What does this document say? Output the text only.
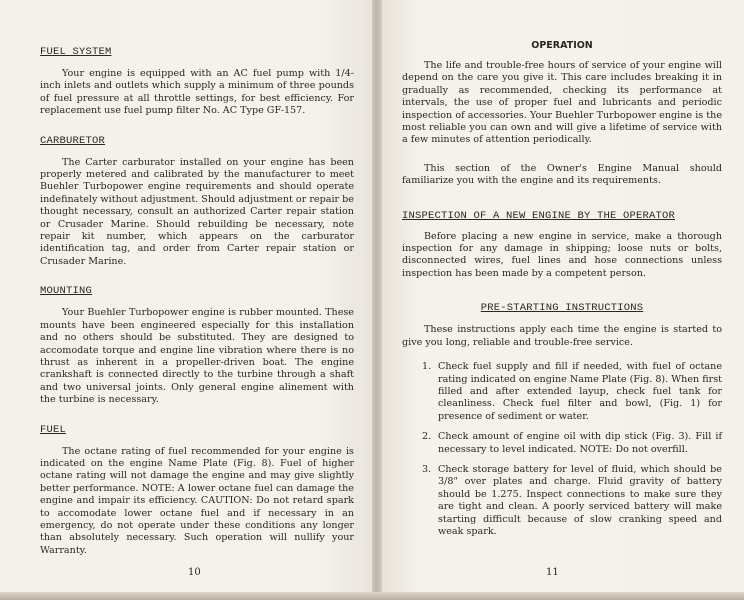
FUEL SYSTEM

Your engine is equipped with an AC fuel pump with 1/4-inch inlets and outlets which supply a minimum of three pounds of fuel pressure at all throttle settings, for best efficiency. For replacement use fuel pump filter No. AC Type GF-157.

CARBURETOR

The Carter carburator installed on your engine has been properly metered and calibrated by the manufacturer to meet Buehler Turbopower engine requirements and should operate indefinately without adjustment. Should adjustment or repair be thought necessary, consult an authorized Carter repair station or Crusader Marine. Should rebuilding be necessary, note repair kit number, which appears on the carburator identification tag, and order from Carter repair station or Crusader Marine.

MOUNTING

Your Buehler Turbopower engine is rubber mounted. These mounts have been engineered especially for this installation and no others should be substituted. They are designed to accomodate torque and engine line vibration where there is no thrust as inherent in a propeller-driven boat. The engine crankshaft is connected directly to the turbine through a shaft and two universal joints. Only general engine alinement with the turbine is necessary.

FUEL

The octane rating of fuel recommended for your engine is indicated on the engine Name Plate (Fig. 8). Fuel of higher octane rating will not damage the engine and may give slightly better performance. NOTE: A lower octane fuel can damage the engine and impair its efficiency. CAUTION: Do not retard spark to accomodate lower octane fuel and if necessary in an emergency, do not operate under these conditions any longer than absolutely necessary. Such operation will nullify your Warranty.

10
OPERATION

The life and trouble-free hours of service of your engine will depend on the care you give it. This care includes breaking it in gradually as recommended, checking its performance at intervals, the use of proper fuel and lubricants and periodic inspection of accessories. Your Buehler Turbopower engine is the most reliable you can own and will give a lifetime of service with a few minutes of attention periodically.

This section of the Owner's Engine Manual should familiarize you with the engine and its requirements.

INSPECTION OF A NEW ENGINE BY THE OPERATOR

Before placing a new engine in service, make a thorough inspection for any damage in shipping; loose nuts or bolts, disconnected wires, fuel lines and hose connections unless inspection has been made by a competent person.

PRE-STARTING INSTRUCTIONS

These instructions apply each time the engine is started to give you long, reliable and trouble-free service.

1. Check fuel supply and fill if needed, with fuel of octane rating indicated on engine Name Plate (Fig. 8). When first filled and after extended layup, check fuel tank for cleanliness. Check fuel filter and bowl, (Fig. 1) for presence of sediment or water.
2. Check amount of engine oil with dip stick (Fig. 3). Fill if necessary to level indicated. NOTE: Do not overfill.
3. Check storage battery for level of fluid, which should be 3/8" over plates and charge. Fluid gravity of battery should be 1.275. Inspect connections to make sure they are tight and clean. A poorly serviced battery will make starting difficult because of slow cranking speed and weak spark.
11
